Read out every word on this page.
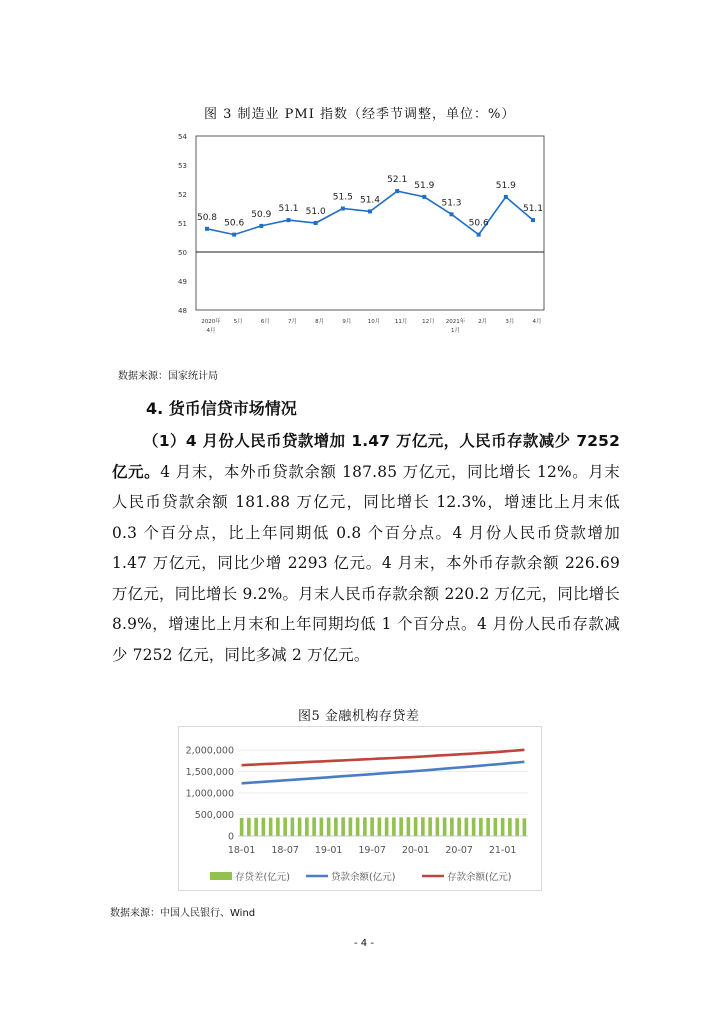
图 3 制造业 PMI 指数（经季节调整，单位：%）
48
49
50
51
52
53
54
50.8
50.6
50.9
51.1 51.0
51.5 51.4
52.1
51.9
51.3
50.6
51.9
51.1
2020年
4月
5月	6月	7月	8月	9月	10月	11月	12月 2021年
1月
2月	3月	4月
数据来源：国家统计局
4. 货币信贷市场情况
（1）4 月份人民币贷款增加 1.47 万亿元，人民币存款减少 7252 亿元。4 月末，本外币贷款余额 187.85 万亿元，同比增长 12%。月末人民币贷款余额 181.88 万亿元，同比增长 12.3%，增速比上月末低 0.3 个百分点，比上年同期低 0.8 个百分点。4 月份人民币贷款增加 1.47 万亿元，同比少增 2293 亿元。4 月末，本外币存款余额 226.69 万亿元，同比增长 9.2%。月末人民币存款余额 220.2 万亿元，同比增长 8.9%，增速比上月末和上年同期均低 1 个百分点。4 月份人民币存款减少 7252 亿元，同比多减 2 万亿元。
图5 金融机构存贷差
2,000,000
1,500,000
1,000,000
500,000
0
18-01 18-07 19-01 19-07 20-01 20-07 21-01
存贷差(亿元)	贷款余额(亿元)	存款余额(亿元)
数据来源：中国人民银行、Wind
- 4 -
